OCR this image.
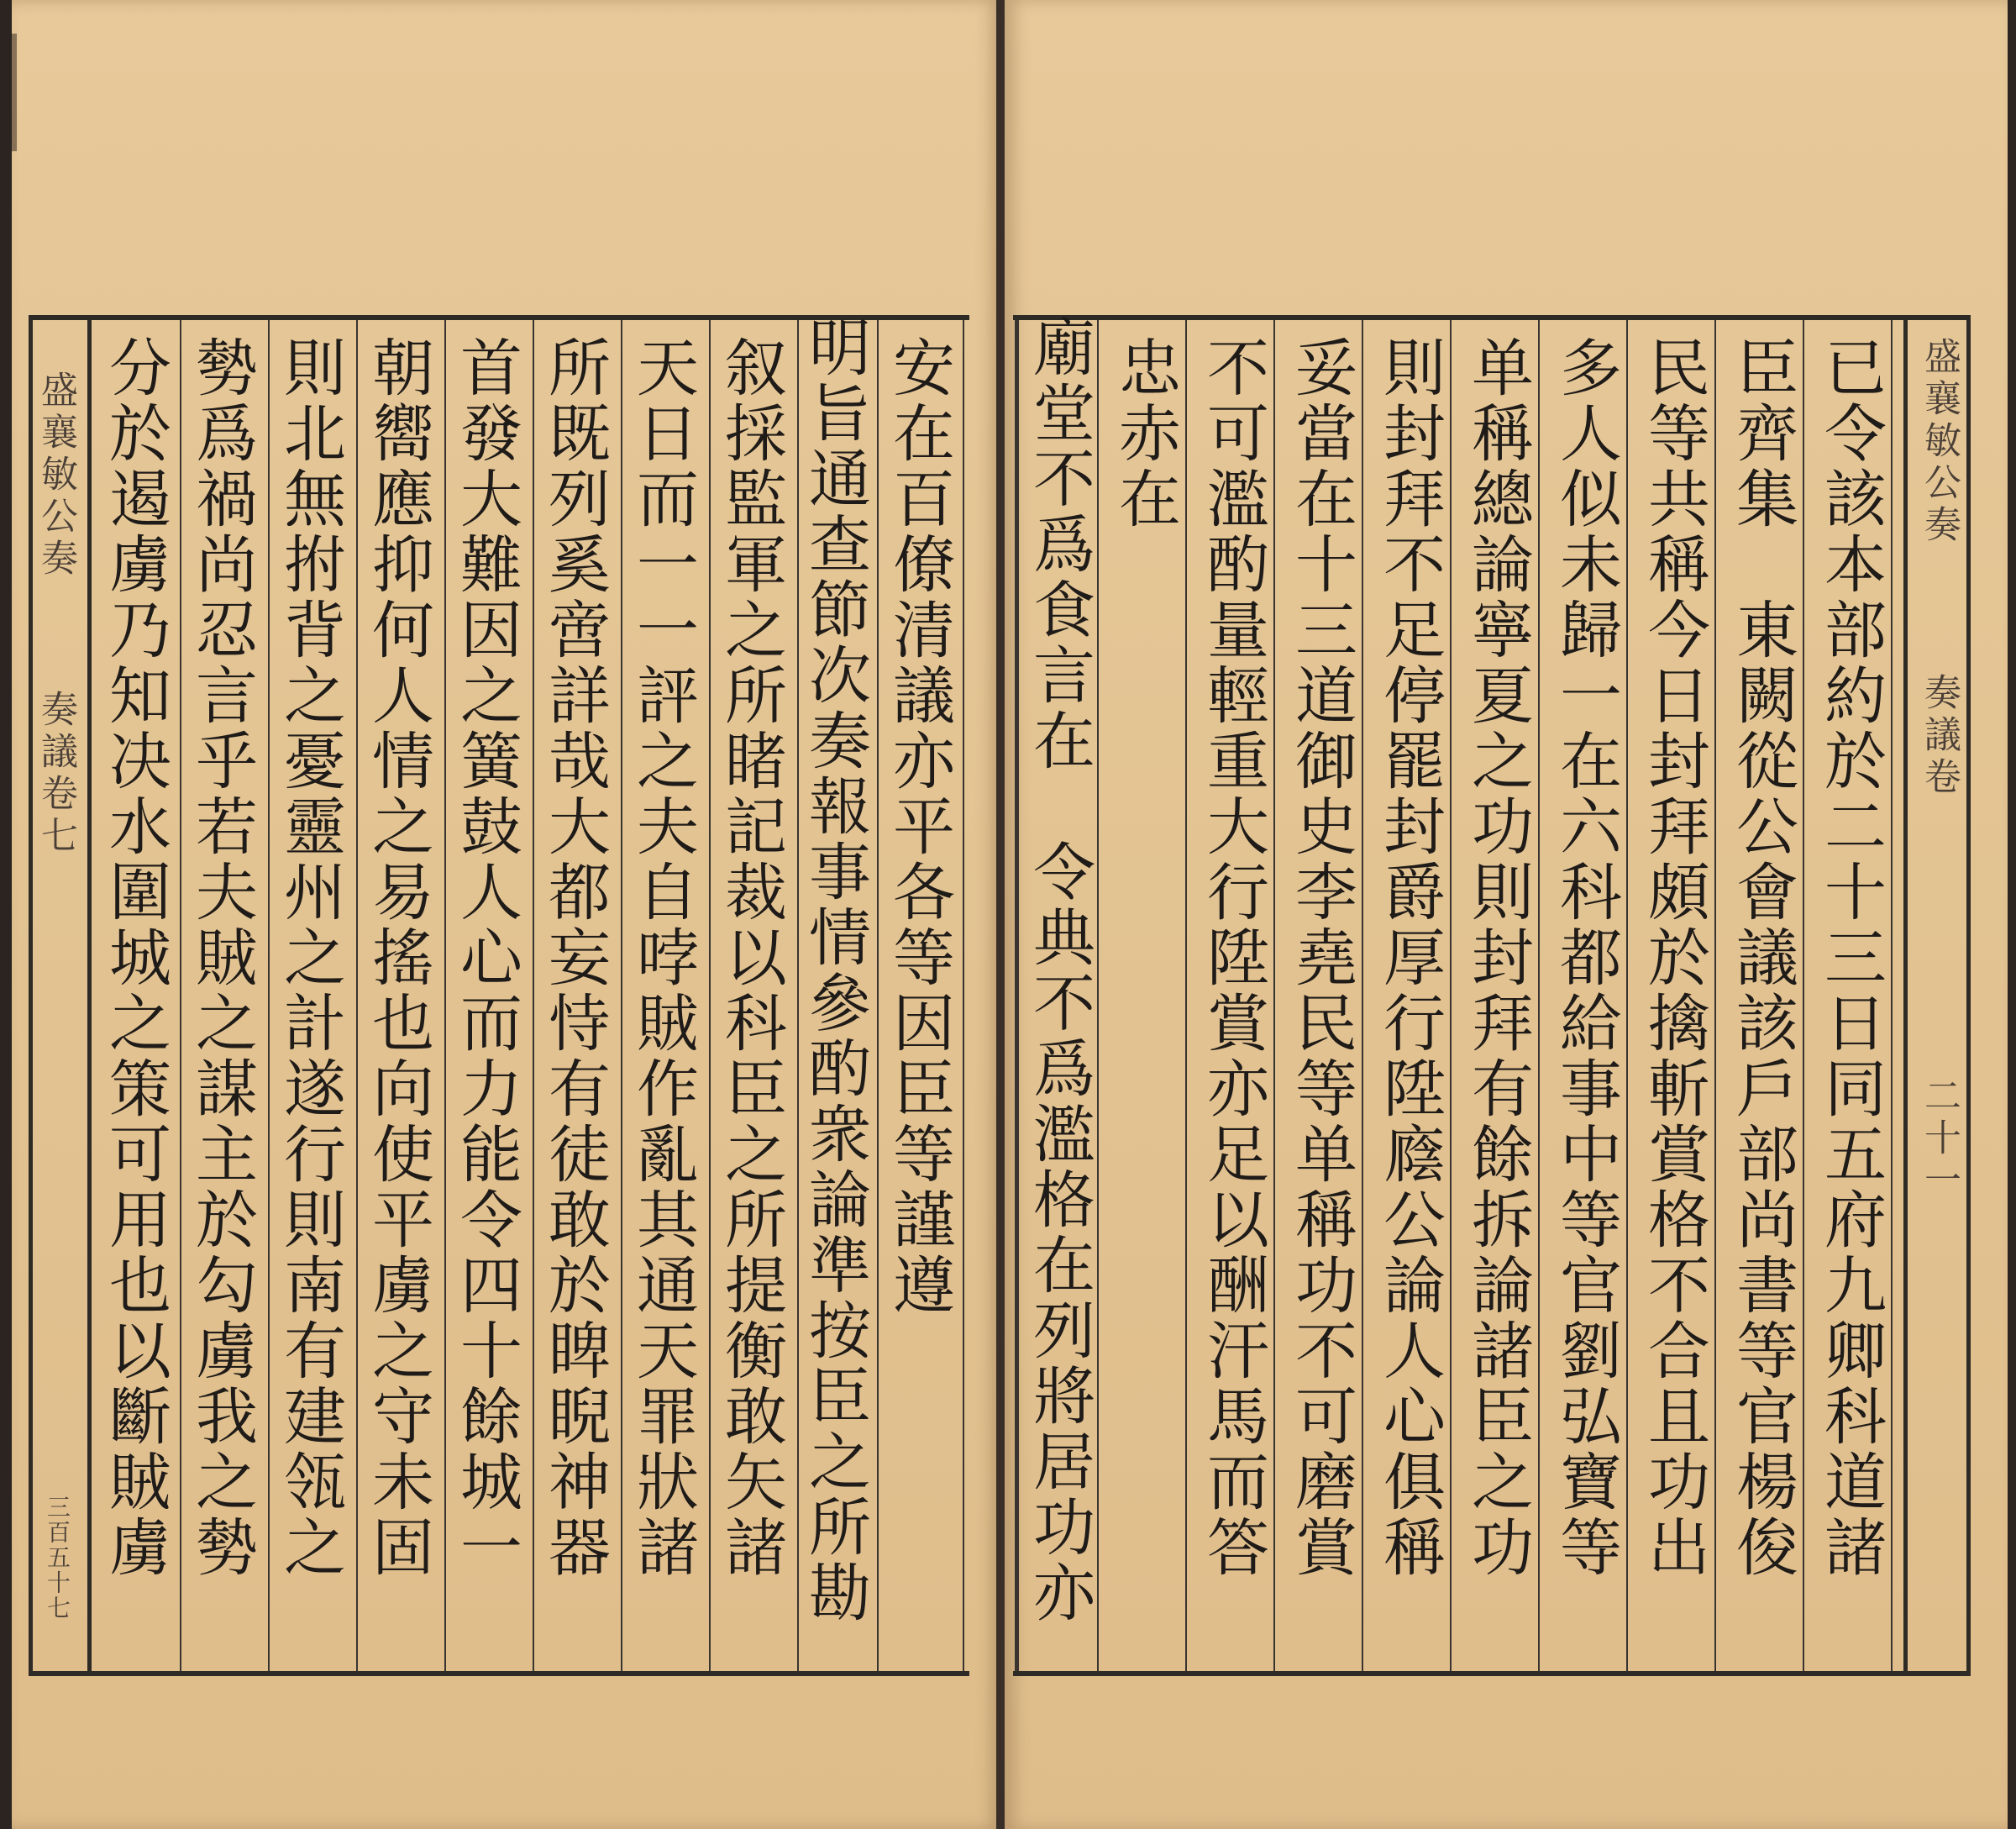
盛襄敏公奏
奏議卷七
三百五十七
安在百僚清議亦平各等因臣等謹遵
明旨通查節次奏報事情參酌衆論準按臣之所勘
叙採監軍之所睹記裁以科臣之所提衡敢矢諸
天日而一一評之夫自哱賊作亂其通天罪狀諸
所既列奚啻詳哉大都妄恃有徒敢於睥睨神器
首發大難因之簧鼓人心而力能令四十餘城一
朝嚮應抑何人情之易搖也向使平虜之守未固
則北無拊背之憂靈州之計遂行則南有建瓴之
勢爲禍尚忍言乎若夫賊之謀主於勾虜我之勢
分於遏虜乃知决水圍城之策可用也以斷賊虜	盛襄敏公奏
奏議卷
二十一
已令該本部約於二十三日同五府九卿科道諸
臣齊集　東闕從公會議該戶部尚書等官楊俊
民等共稱今日封拜頗於擒斬賞格不合且功出
多人似未歸一在六科都給事中等官劉弘寶等
单稱總論寧夏之功則封拜有餘拆論諸臣之功
則封拜不足停罷封爵厚行陞廕公論人心俱稱
妥當在十三道御史李堯民等单稱功不可磨賞
不可濫酌量輕重大行陞賞亦足以酬汗馬而答
忠赤在
廟堂不爲食言在　令典不爲濫格在列將居功亦
